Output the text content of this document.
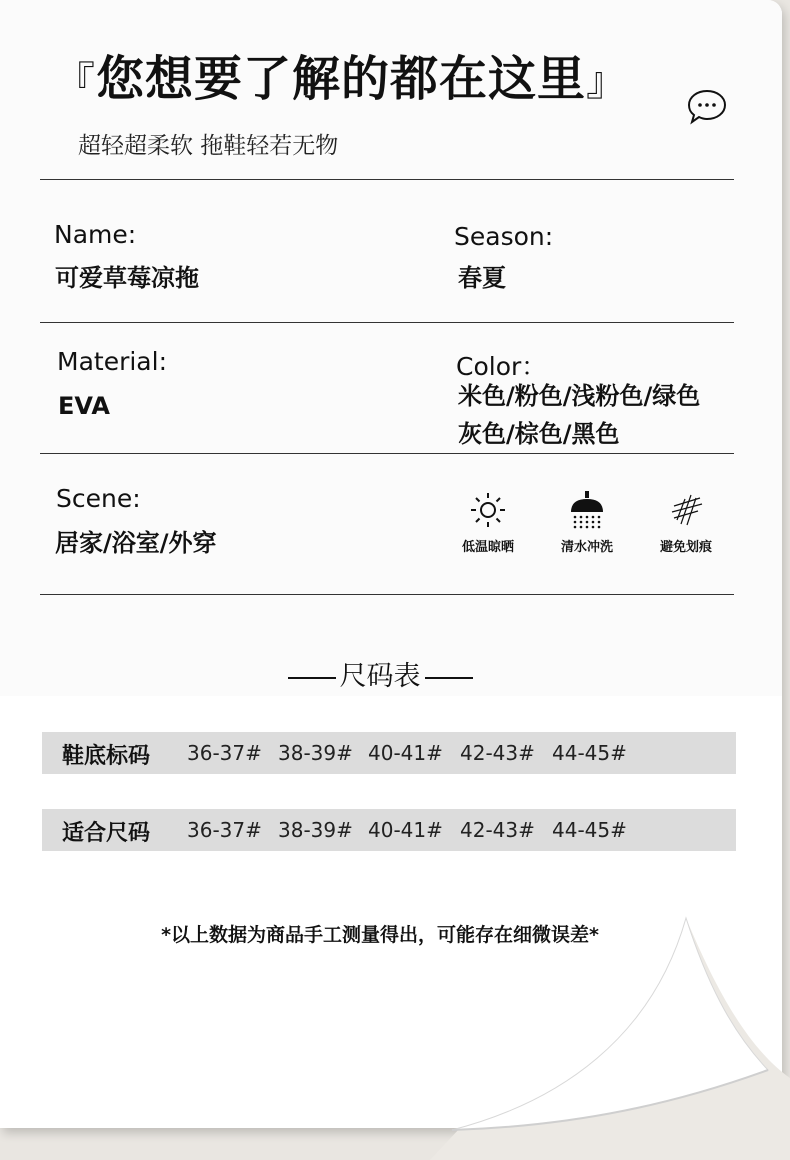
『您想要了解的都在这里』
超轻超柔软 拖鞋轻若无物
Name:
可爱草莓凉拖
Season:
春夏
Material:
EVA
Color：
米色/粉色/浅粉色/绿色
灰色/棕色/黑色
Scene:
居家/浴室/外穿	低温晾晒	清水冲洗	避免划痕
尺码表
鞋底标码 36-37# 38-39# 40-41# 42-43# 44-45#
适合尺码 36-37# 38-39# 40-41# 42-43# 44-45#
*以上数据为商品手工测量得出，可能存在细微误差*
